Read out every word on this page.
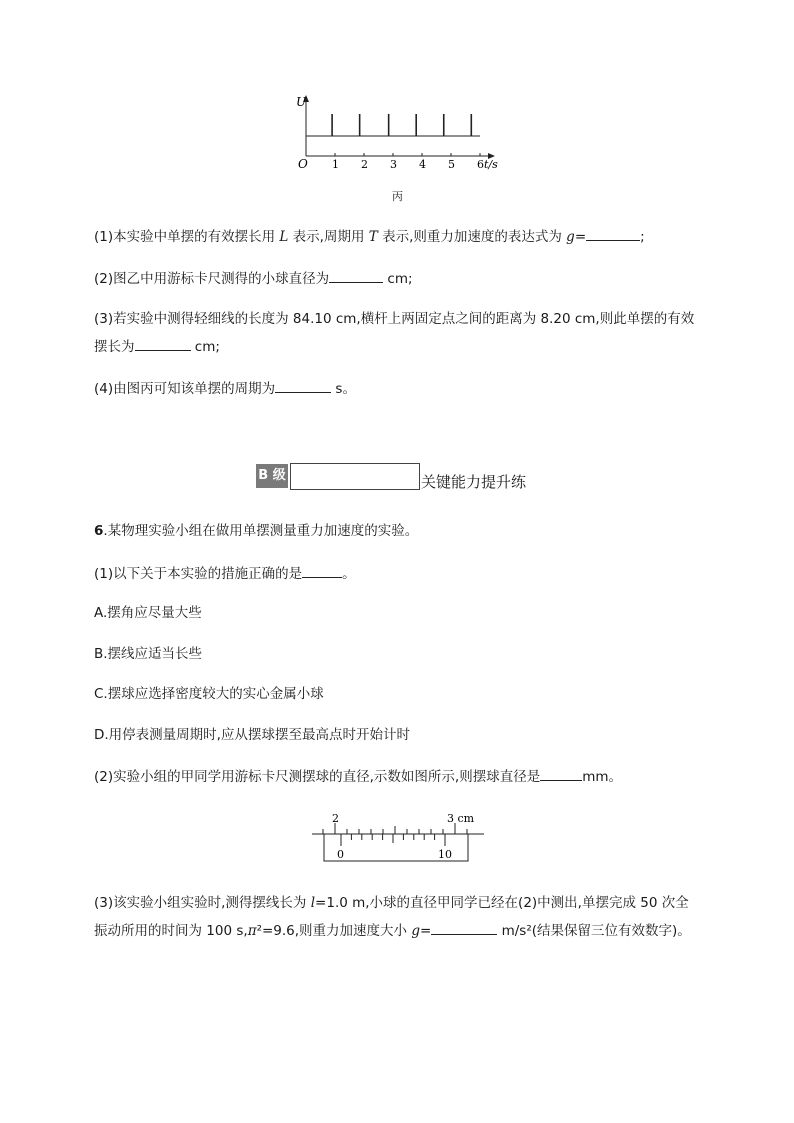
1 2 3 4 5 6
U
O	t/s
丙
(1)本实验中单摆的有效摆长用 L 表示,周期用 T 表示,则重力加速度的表达式为 g=	;
(2)图乙中用游标卡尺测得的小球直径为	cm;
(3)若实验中测得轻细线的长度为 84.10 cm,横杆上两固定点之间的距离为 8.20 cm,则此单摆的有效
摆长为	cm;
(4)由图丙可知该单摆的周期为	s。
B 级	关键能力提升练
6.某物理实验小组在做用单摆测量重力加速度的实验。
(1)以下关于本实验的措施正确的是	。
A.摆角应尽量大些
B.摆线应适当长些
C.摆球应选择密度较大的实心金属小球
D.用停表测量周期时,应从摆球摆至最高点时开始计时
(2)实验小组的甲同学用游标卡尺测摆球的直径,示数如图所示,则摆球直径是	mm。
2	3 cm
0	10
(3)该实验小组实验时,测得摆线长为 l=1.0 m,小球的直径甲同学已经在(2)中测出,单摆完成 50 次全
振动所用的时间为 100 s,π²=9.6,则重力加速度大小 g=	m/s²(结果保留三位有效数字)。
